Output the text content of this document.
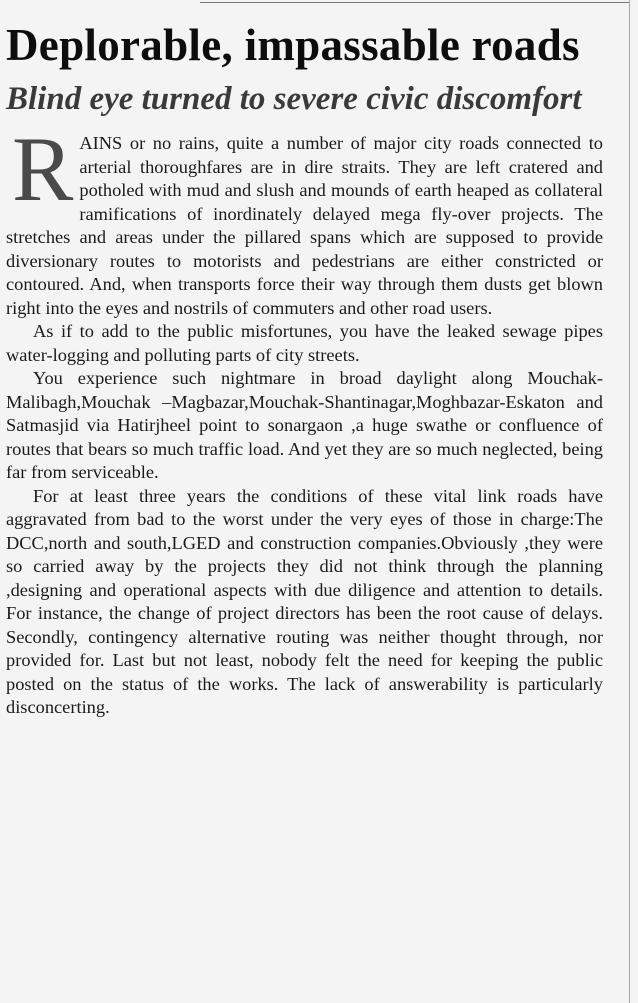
Deplorable, impassable roads
Blind eye turned to severe civic discomfort

RAINS or no rains, quite a number of major city roads connected to arterial thoroughfares are in dire straits. They are left cratered and potholed with mud and slush and mounds of earth heaped as collateral ramifications of inordinately delayed mega fly-over projects. The stretches and areas under the pillared spans which are supposed to provide diversionary routes to motorists and pedestrians are either constricted or contoured. And, when transports force their way through them dusts get blown right into the eyes and nostrils of commuters and other road users.

As if to add to the public misfortunes, you have the leaked sewage pipes water-logging and polluting parts of city streets.

You experience such nightmare in broad daylight along Mouchak- Malibagh,Mouchak –Magbazar,Mouchak-Shantinagar,Moghbazar-Eskaton and Satmasjid via Hatirjheel point to sonargaon ,a huge swathe or confluence of routes that bears so much traffic load. And yet they are so much neglected, being far from serviceable.

For at least three years the conditions of these vital link roads have aggravated from bad to the worst under the very eyes of those in charge:The DCC,north and south,LGED and construction companies.Obviously ,they were so carried away by the projects they did not think through the planning ,designing and operational aspects with due diligence and attention to details. For instance, the change of project directors has been the root cause of delays. Secondly, contingency alternative routing was neither thought through, nor provided for. Last but not least, nobody felt the need for keeping the public posted on the status of the works. The lack of answerability is particularly disconcerting.
